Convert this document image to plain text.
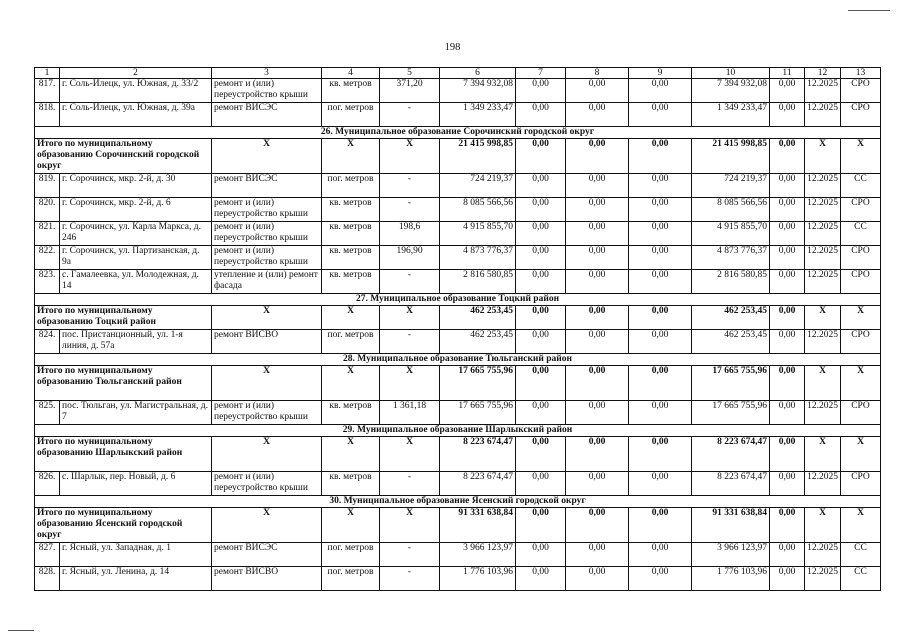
198
1	2	3	4	5	6	7	8	9	10	11	12	13
817.	г. Соль-Илецк, ул. Южная, д. 33/2	ремонт и (или) переустройство крыши	кв. метров	371,20	7 394 932,08	0,00	0,00	0,00	7 394 932,08	0,00	12.2025	СРО
818.	г. Соль-Илецк, ул. Южная, д. 39а	ремонт ВИСЭС	пог. метров	-	1 349 233,47	0,00	0,00	0,00	1 349 233,47	0,00	12.2025	СРО
26. Муниципальное образование Сорочинский городской округ												
Итого по муниципальному образованию Сорочинский городской округ		X	X	X	21 415 998,85	0,00	0,00	0,00	21 415 998,85	0,00	X	X
819.	г. Сорочинск, мкр. 2-й, д. 30	ремонт ВИСЭС	пог. метров	-	724 219,37	0,00	0,00	0,00	724 219,37	0,00	12.2025	СС
820.	г. Сорочинск, мкр. 2-й, д. 6	ремонт и (или) переустройство крыши	кв. метров	-	8 085 566,56	0,00	0,00	0,00	8 085 566,56	0,00	12.2025	СРО
821.	г. Сорочинск, ул. Карла Маркса, д. 246	ремонт и (или) переустройство крыши	кв. метров	198,6	4 915 855,70	0,00	0,00	0,00	4 915 855,70	0,00	12.2025	СС
822.	г. Сорочинск, ул. Партизанская, д. 9а	ремонт и (или) переустройство крыши	кв. метров	196,90	4 873 776,37	0,00	0,00	0,00	4 873 776,37	0,00	12.2025	СРО
823.	с. Гамалеевка, ул. Молодежная, д. 14	утепление и (или) ремонт фасада	кв. метров	-	2 816 580,85	0,00	0,00	0,00	2 816 580,85	0,00	12.2025	СРО
27. Муниципальное образование Тоцкий район												
Итого по муниципальному образованию Тоцкий район		X	X	X	462 253,45	0,00	0,00	0,00	462 253,45	0,00	X	X
824.	пос. Пристанционный, ул. 1-я линия, д. 57а	ремонт ВИСВО	пог. метров	-	462 253,45	0,00	0,00	0,00	462 253,45	0,00	12.2025	СРО
28. Муниципальное образование Тюльганский район												
Итого по муниципальному образованию Тюльганский район		X	X	X	17 665 755,96	0,00	0,00	0,00	17 665 755,96	0,00	X	X
825.	пос. Тюльган, ул. Магистральная, д. 7	ремонт и (или) переустройство крыши	кв. метров	1 361,18	17 665 755,96	0,00	0,00	0,00	17 665 755,96	0,00	12.2025	СРО
29. Муниципальное образование Шарлыкский район												
Итого по муниципальному образованию Шарлыкский район		X	X	X	8 223 674,47	0,00	0,00	0,00	8 223 674,47	0,00	X	X
826.	с. Шарлык, пер. Новый, д. 6	ремонт и (или) переустройство крыши	кв. метров	-	8 223 674,47	0,00	0,00	0,00	8 223 674,47	0,00	12.2025	СРО
30. Муниципальное образование Ясенский городской округ												
Итого по муниципальному образованию Ясенский городской округ		X	X	X	91 331 638,84	0,00	0,00	0,00	91 331 638,84	0,00	X	X
827.	г. Ясный, ул. Западная, д. 1	ремонт ВИСЭС	пог. метров	-	3 966 123,97	0,00	0,00	0,00	3 966 123,97	0,00	12.2025	СС
828.	г. Ясный, ул. Ленина, д. 14	ремонт ВИСВО	пог. метров	-	1 776 103,96	0,00	0,00	0,00	1 776 103,96	0,00	12.2025	СС
